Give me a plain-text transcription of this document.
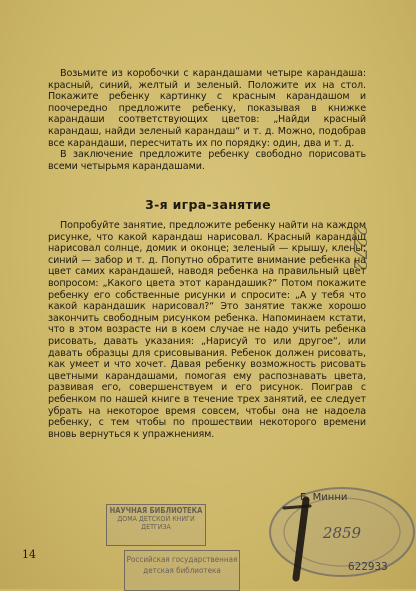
Возьмите из коробочки с карандашами четыре карандаша: красный, синий, желтый и зеленый. Положите их на стол. Покажите ребенку картинку с красным карандашом и поочередно предложите ребенку, показывая в книжке карандаши соответствующих цветов: „Найди красный карандаш, найди зеленый карандаш“ и т. д. Можно, подобрав все карандаши, пересчитать их по порядку: один, два и т. д.

В заключение предложите ребенку свободно порисовать всеми четырьмя карандашами.

3-я игра-занятие

Попробуйте занятие, предложите ребенку найти на каждом рисунке, что какой карандаш нарисовал. Красный карандаш нарисовал солнце, домик и оконце; зеленый — крышу, клены; синий — забор и т. д. Попутно обратите внимание ребенка на цвет самих карандашей, наводя ребенка на правильный цвет вопросом: „Какого цвета этот карандашик?“ Потом покажите ребенку его собственные рисунки и спросите: „А у тебя что какой карандашик нарисовал?“ Это занятие также хорошо закончить свободным рисунком ребенка. Напоминаем кстати, что в этом возрасте ни в коем случае не надо учить ребенка рисовать, давать указания: „Нарисуй то или другое“, или давать образцы для срисовывания. Ребенок должен рисовать, как умеет и что хочет. Давая ребенку возможность рисовать цветными карандашами, помогая ему распознавать цвета, развивая его, совершенствуем и его рисунок. Поиграв с ребенком по нашей книге в течение трех занятий, ее следует убрать на некоторое время совсем, чтобы она не надоела ребенку, с тем чтобы по прошествии некоторого времени вновь вернуться к упражнениям.

14
2272
2859
НАУЧНАЯ БИБЛИОТЕКА
ДОМА ДЕТСКОЙ КНИГИ
ДЕТГИЗА
Российская государственная
детская библиотека	622933
